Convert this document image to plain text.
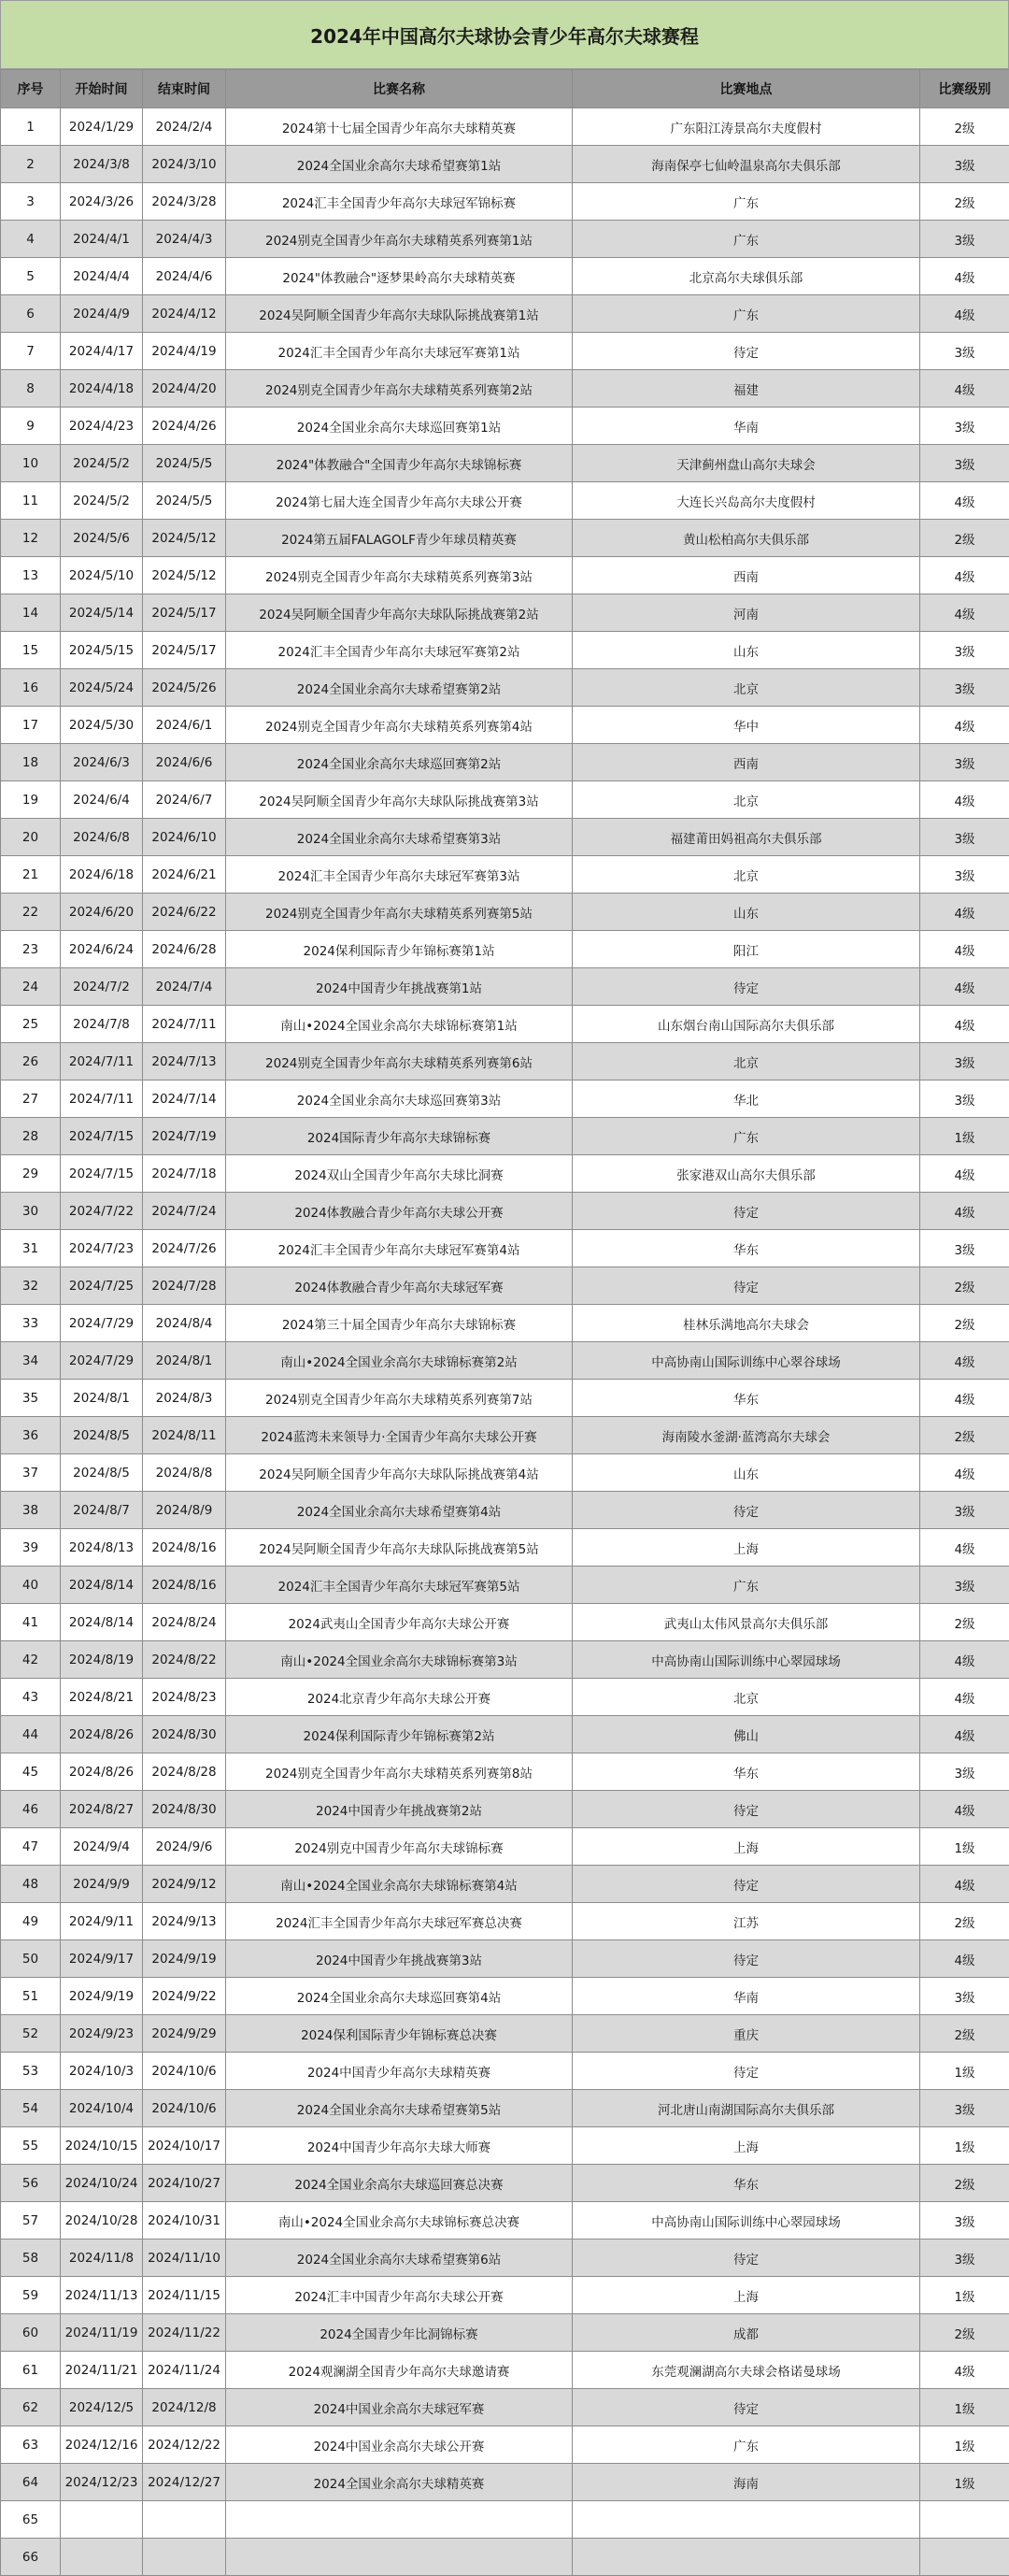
2024年中国高尔夫球协会青少年高尔夫球赛程
序号	开始时间	结束时间	比赛名称	比赛地点	比赛级别
1	2024/1/29	2024/2/4	2024第十七届全国青少年高尔夫球精英赛	广东阳江涛景高尔夫度假村	2级
2	2024/3/8	2024/3/10	2024全国业余高尔夫球希望赛第1站	海南保亭七仙岭温泉高尔夫俱乐部	3级
3	2024/3/26	2024/3/28	2024汇丰全国青少年高尔夫球冠军锦标赛	广东	2级
4	2024/4/1	2024/4/3	2024别克全国青少年高尔夫球精英系列赛第1站	广东	3级
5	2024/4/4	2024/4/6	2024"体教融合"逐梦果岭高尔夫球精英赛	北京高尔夫球俱乐部	4级
6	2024/4/9	2024/4/12	2024吴阿顺全国青少年高尔夫球队际挑战赛第1站	广东	4级
7	2024/4/17	2024/4/19	2024汇丰全国青少年高尔夫球冠军赛第1站	待定	3级
8	2024/4/18	2024/4/20	2024别克全国青少年高尔夫球精英系列赛第2站	福建	4级
9	2024/4/23	2024/4/26	2024全国业余高尔夫球巡回赛第1站	华南	3级
10	2024/5/2	2024/5/5	2024"体教融合"全国青少年高尔夫球锦标赛	天津蓟州盘山高尔夫球会	3级
11	2024/5/2	2024/5/5	2024第七届大连全国青少年高尔夫球公开赛	大连长兴岛高尔夫度假村	4级
12	2024/5/6	2024/5/12	2024第五届FALAGOLF青少年球员精英赛	黄山松柏高尔夫俱乐部	2级
13	2024/5/10	2024/5/12	2024别克全国青少年高尔夫球精英系列赛第3站	西南	4级
14	2024/5/14	2024/5/17	2024吴阿顺全国青少年高尔夫球队际挑战赛第2站	河南	4级
15	2024/5/15	2024/5/17	2024汇丰全国青少年高尔夫球冠军赛第2站	山东	3级
16	2024/5/24	2024/5/26	2024全国业余高尔夫球希望赛第2站	北京	3级
17	2024/5/30	2024/6/1	2024别克全国青少年高尔夫球精英系列赛第4站	华中	4级
18	2024/6/3	2024/6/6	2024全国业余高尔夫球巡回赛第2站	西南	3级
19	2024/6/4	2024/6/7	2024吴阿顺全国青少年高尔夫球队际挑战赛第3站	北京	4级
20	2024/6/8	2024/6/10	2024全国业余高尔夫球希望赛第3站	福建莆田妈祖高尔夫俱乐部	3级
21	2024/6/18	2024/6/21	2024汇丰全国青少年高尔夫球冠军赛第3站	北京	3级
22	2024/6/20	2024/6/22	2024别克全国青少年高尔夫球精英系列赛第5站	山东	4级
23	2024/6/24	2024/6/28	2024保利国际青少年锦标赛第1站	阳江	4级
24	2024/7/2	2024/7/4	2024中国青少年挑战赛第1站	待定	4级
25	2024/7/8	2024/7/11	南山•2024全国业余高尔夫球锦标赛第1站	山东烟台南山国际高尔夫俱乐部	4级
26	2024/7/11	2024/7/13	2024别克全国青少年高尔夫球精英系列赛第6站	北京	3级
27	2024/7/11	2024/7/14	2024全国业余高尔夫球巡回赛第3站	华北	3级
28	2024/7/15	2024/7/19	2024国际青少年高尔夫球锦标赛	广东	1级
29	2024/7/15	2024/7/18	2024双山全国青少年高尔夫球比洞赛	张家港双山高尔夫俱乐部	4级
30	2024/7/22	2024/7/24	2024体教融合青少年高尔夫球公开赛	待定	4级
31	2024/7/23	2024/7/26	2024汇丰全国青少年高尔夫球冠军赛第4站	华东	3级
32	2024/7/25	2024/7/28	2024体教融合青少年高尔夫球冠军赛	待定	2级
33	2024/7/29	2024/8/4	2024第三十届全国青少年高尔夫球锦标赛	桂林乐满地高尔夫球会	2级
34	2024/7/29	2024/8/1	南山•2024全国业余高尔夫球锦标赛第2站	中高协南山国际训练中心翠谷球场	4级
35	2024/8/1	2024/8/3	2024别克全国青少年高尔夫球精英系列赛第7站	华东	4级
36	2024/8/5	2024/8/11	2024蓝湾未来领导力·全国青少年高尔夫球公开赛	海南陵水釜湖·蓝湾高尔夫球会	2级
37	2024/8/5	2024/8/8	2024吴阿顺全国青少年高尔夫球队际挑战赛第4站	山东	4级
38	2024/8/7	2024/8/9	2024全国业余高尔夫球希望赛第4站	待定	3级
39	2024/8/13	2024/8/16	2024吴阿顺全国青少年高尔夫球队际挑战赛第5站	上海	4级
40	2024/8/14	2024/8/16	2024汇丰全国青少年高尔夫球冠军赛第5站	广东	3级
41	2024/8/14	2024/8/24	2024武夷山全国青少年高尔夫球公开赛	武夷山太伟风景高尔夫俱乐部	2级
42	2024/8/19	2024/8/22	南山•2024全国业余高尔夫球锦标赛第3站	中高协南山国际训练中心翠园球场	4级
43	2024/8/21	2024/8/23	2024北京青少年高尔夫球公开赛	北京	4级
44	2024/8/26	2024/8/30	2024保利国际青少年锦标赛第2站	佛山	4级
45	2024/8/26	2024/8/28	2024别克全国青少年高尔夫球精英系列赛第8站	华东	3级
46	2024/8/27	2024/8/30	2024中国青少年挑战赛第2站	待定	4级
47	2024/9/4	2024/9/6	2024别克中国青少年高尔夫球锦标赛	上海	1级
48	2024/9/9	2024/9/12	南山•2024全国业余高尔夫球锦标赛第4站	待定	4级
49	2024/9/11	2024/9/13	2024汇丰全国青少年高尔夫球冠军赛总决赛	江苏	2级
50	2024/9/17	2024/9/19	2024中国青少年挑战赛第3站	待定	4级
51	2024/9/19	2024/9/22	2024全国业余高尔夫球巡回赛第4站	华南	3级
52	2024/9/23	2024/9/29	2024保利国际青少年锦标赛总决赛	重庆	2级
53	2024/10/3	2024/10/6	2024中国青少年高尔夫球精英赛	待定	1级
54	2024/10/4	2024/10/6	2024全国业余高尔夫球希望赛第5站	河北唐山南湖国际高尔夫俱乐部	3级
55	2024/10/15	2024/10/17	2024中国青少年高尔夫球大师赛	上海	1级
56	2024/10/24	2024/10/27	2024全国业余高尔夫球巡回赛总决赛	华东	2级
57	2024/10/28	2024/10/31	南山•2024全国业余高尔夫球锦标赛总决赛	中高协南山国际训练中心翠园球场	3级
58	2024/11/8	2024/11/10	2024全国业余高尔夫球希望赛第6站	待定	3级
59	2024/11/13	2024/11/15	2024汇丰中国青少年高尔夫球公开赛	上海	1级
60	2024/11/19	2024/11/22	2024全国青少年比洞锦标赛	成都	2级
61	2024/11/21	2024/11/24	2024观澜湖全国青少年高尔夫球邀请赛	东莞观澜湖高尔夫球会格诺曼球场	4级
62	2024/12/5	2024/12/8	2024中国业余高尔夫球冠军赛	待定	1级
63	2024/12/16	2024/12/22	2024中国业余高尔夫球公开赛	广东	1级
64	2024/12/23	2024/12/27	2024全国业余高尔夫球精英赛	海南	1级
65					
66					
